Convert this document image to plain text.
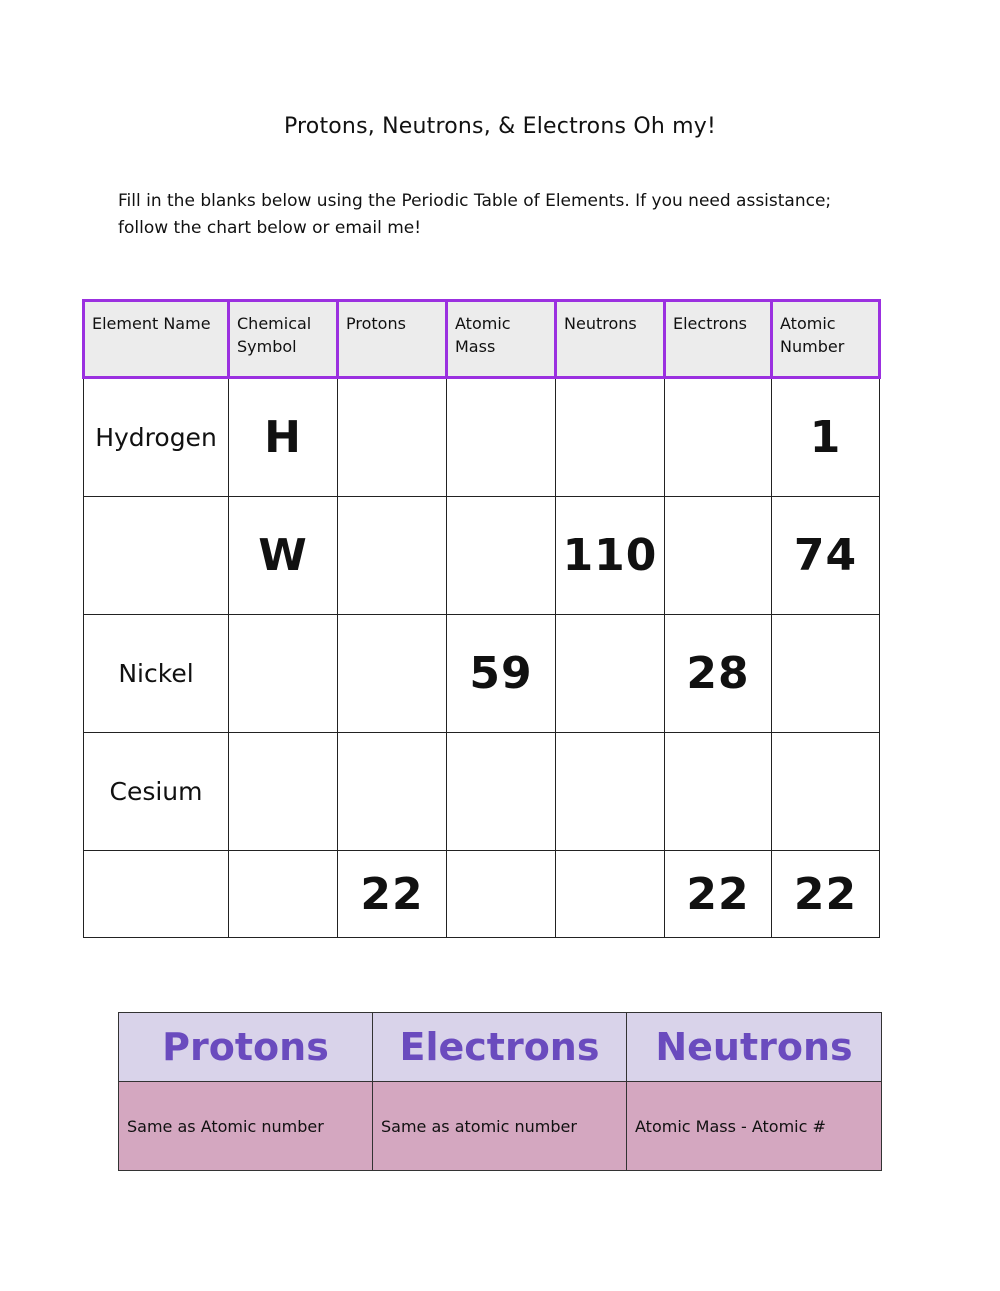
Protons, Neutrons, & Electrons Oh my!
Fill in the blanks below using the Periodic Table of Elements. If you need assistance; follow the chart below or email me!
Element Name	Chemical Symbol	Protons	Atomic Mass	Neutrons	Electrons	Atomic Number
Hydrogen	H					1
	W			110		74
Nickel			59		28	
Cesium						
		22			22	22
Protons	Electrons	Neutrons
Same as Atomic number	Same as atomic number	Atomic Mass - Atomic #
